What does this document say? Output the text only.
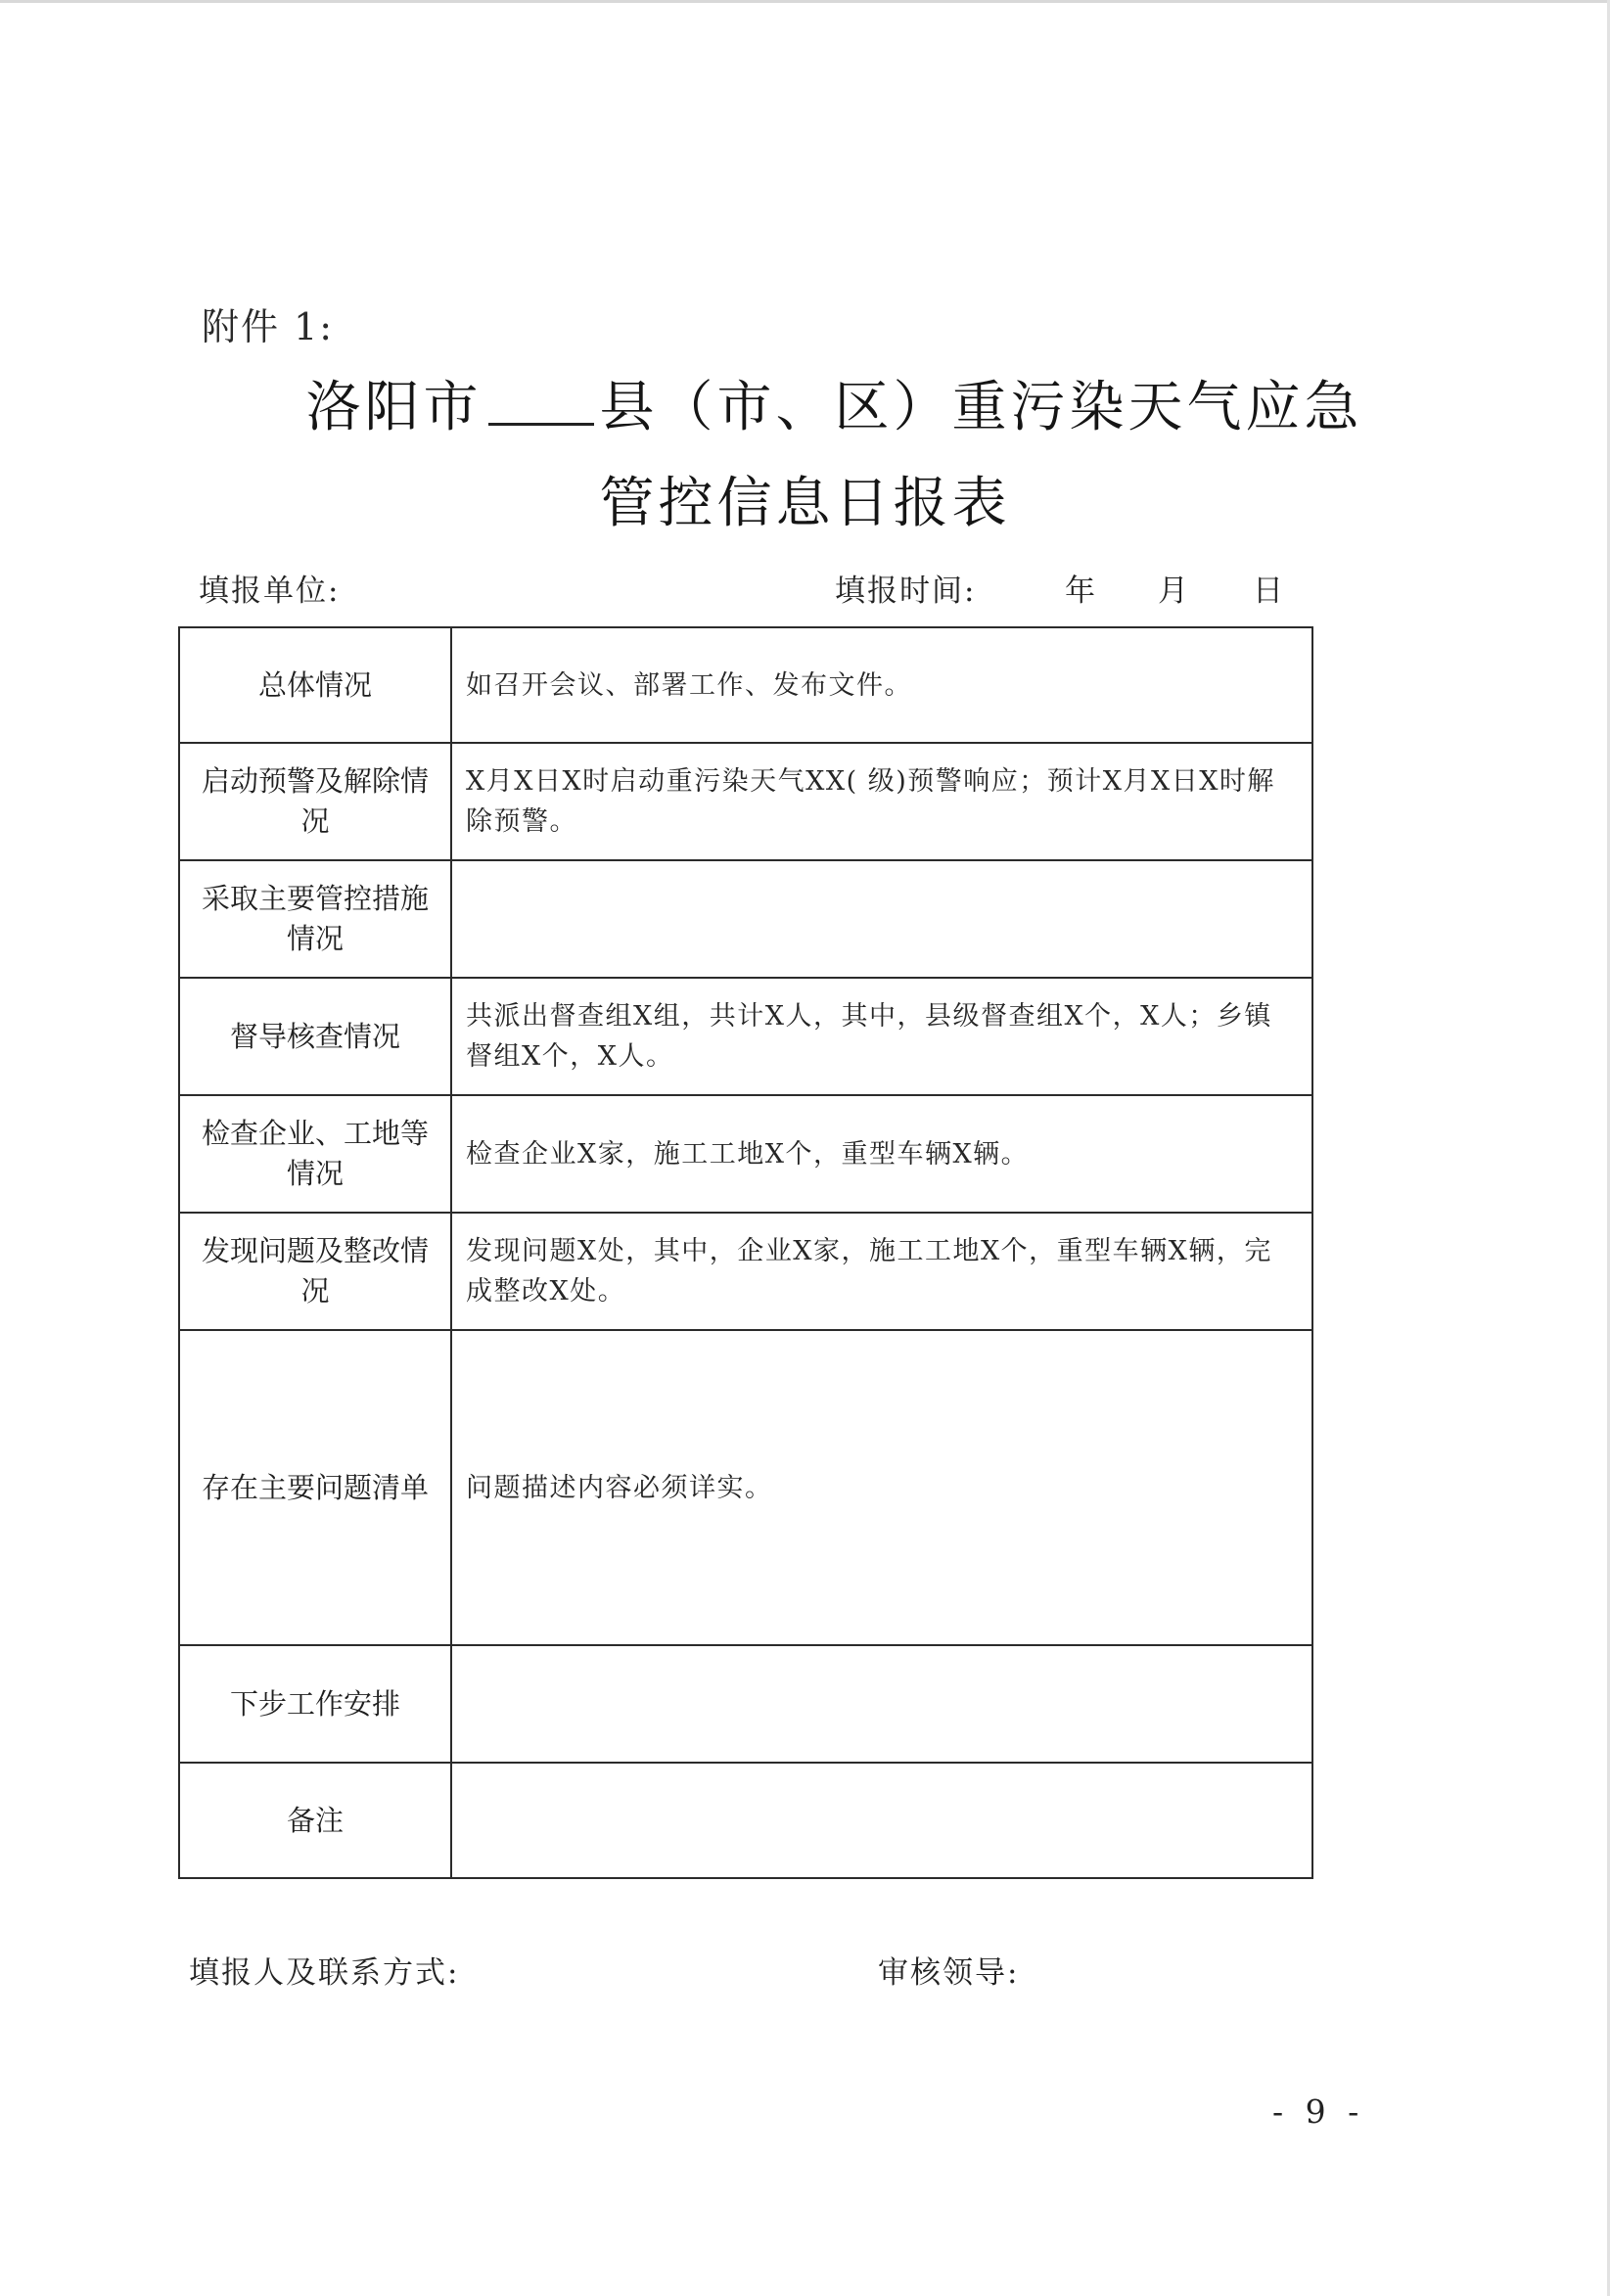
附件 1:
洛阳市 县（市、区）重污染天气应急
管控信息日报表
填报单位:	填报时间:	年 月 日
总体情况	如召开会议、部署工作、发布文件。
启动预警及解除情况	X月X日X时启动重污染天气XX( 级)预警响应；预计X月X日X时解除预警。
采取主要管控措施情况	
督导核查情况	共派出督查组X组，共计X人，其中，县级督查组X个，X人；乡镇督组X个，X人。
检查企业、工地等情况	检查企业X家，施工工地X个，重型车辆X辆。
发现问题及整改情况	发现问题X处，其中，企业X家，施工工地X个，重型车辆X辆，完成整改X处。
存在主要问题清单	问题描述内容必须详实。
下步工作安排	
备注	
填报人及联系方式:	审核领导:
- 9 -
